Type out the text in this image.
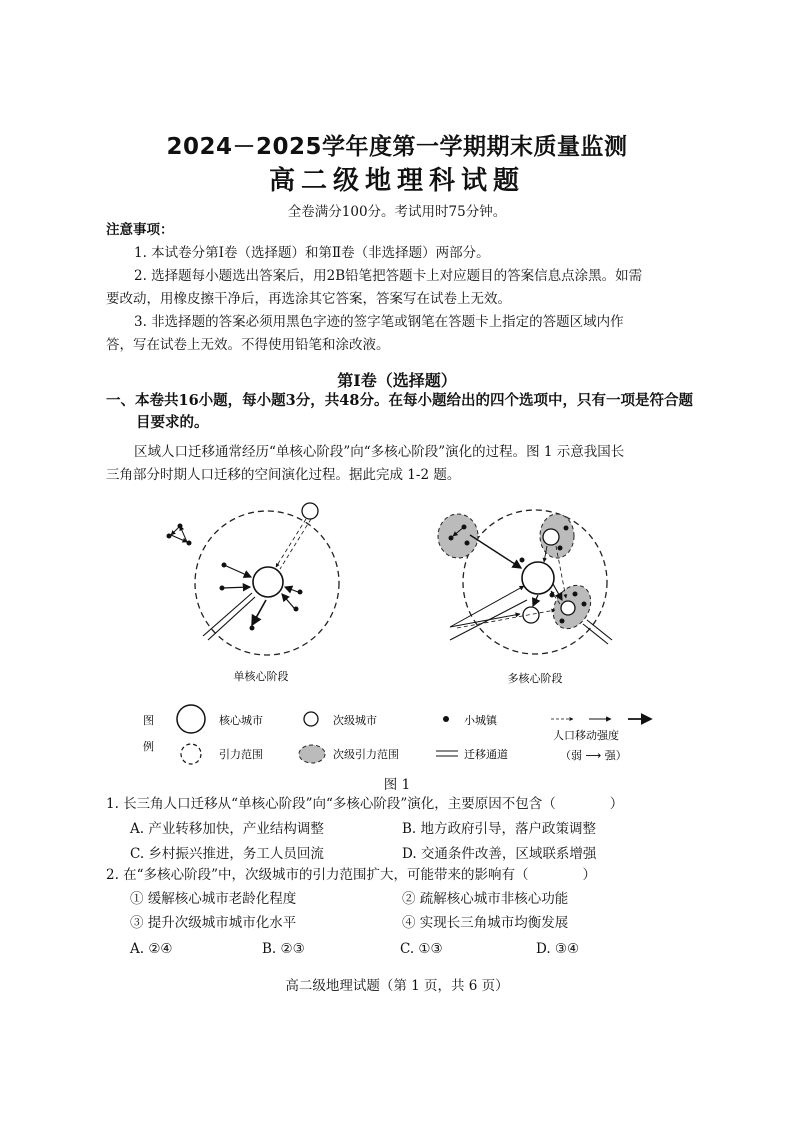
2024－2025学年度第一学期期末质量监测
高二级地理科试题
全卷满分100分。考试用时75分钟。
注意事项：
1. 本试卷分第Ⅰ卷（选择题）和第Ⅱ卷（非选择题）两部分。
2. 选择题每小题选出答案后，用2B铅笔把答题卡上对应题目的答案信息点涂黑。如需
要改动，用橡皮擦干净后，再选涂其它答案，答案写在试卷上无效。
3. 非选择题的答案必须用黑色字迹的签字笔或钢笔在答题卡上指定的答题区域内作
答，写在试卷上无效。不得使用铅笔和涂改液。
第Ⅰ卷（选择题）
一、本卷共16小题，每小题3分，共48分。在每小题给出的四个选项中，只有一项是符合题
目要求的。
区域人口迁移通常经历“单核心阶段”向“多核心阶段”演化的过程。图 1 示意我国长
三角部分时期人口迁移的空间演化过程。据此完成 1-2 题。
单核心阶段	多核心阶段
图
例
核心城市	次级城市	小城镇
人口移动强度
（弱 ⟶ 强）
引力范围	次级引力范围	迁移通道
图 1
1. 长三角人口迁移从“单核心阶段”向“多核心阶段”演化，主要原因不包含（　　　　）
A. 产业转移加快，产业结构调整	B. 地方政府引导，落户政策调整
C. 乡村振兴推进，务工人员回流	D. 交通条件改善，区域联系增强
2. 在“多核心阶段”中，次级城市的引力范围扩大，可能带来的影响有（　　　　）
① 缓解核心城市老龄化程度	② 疏解核心城市非核心功能
③ 提升次级城市城市化水平	④ 实现长三角城市均衡发展
A. ②④	B. ②③	C. ①③	D. ③④
高二级地理试题（第 1 页，共 6 页）
